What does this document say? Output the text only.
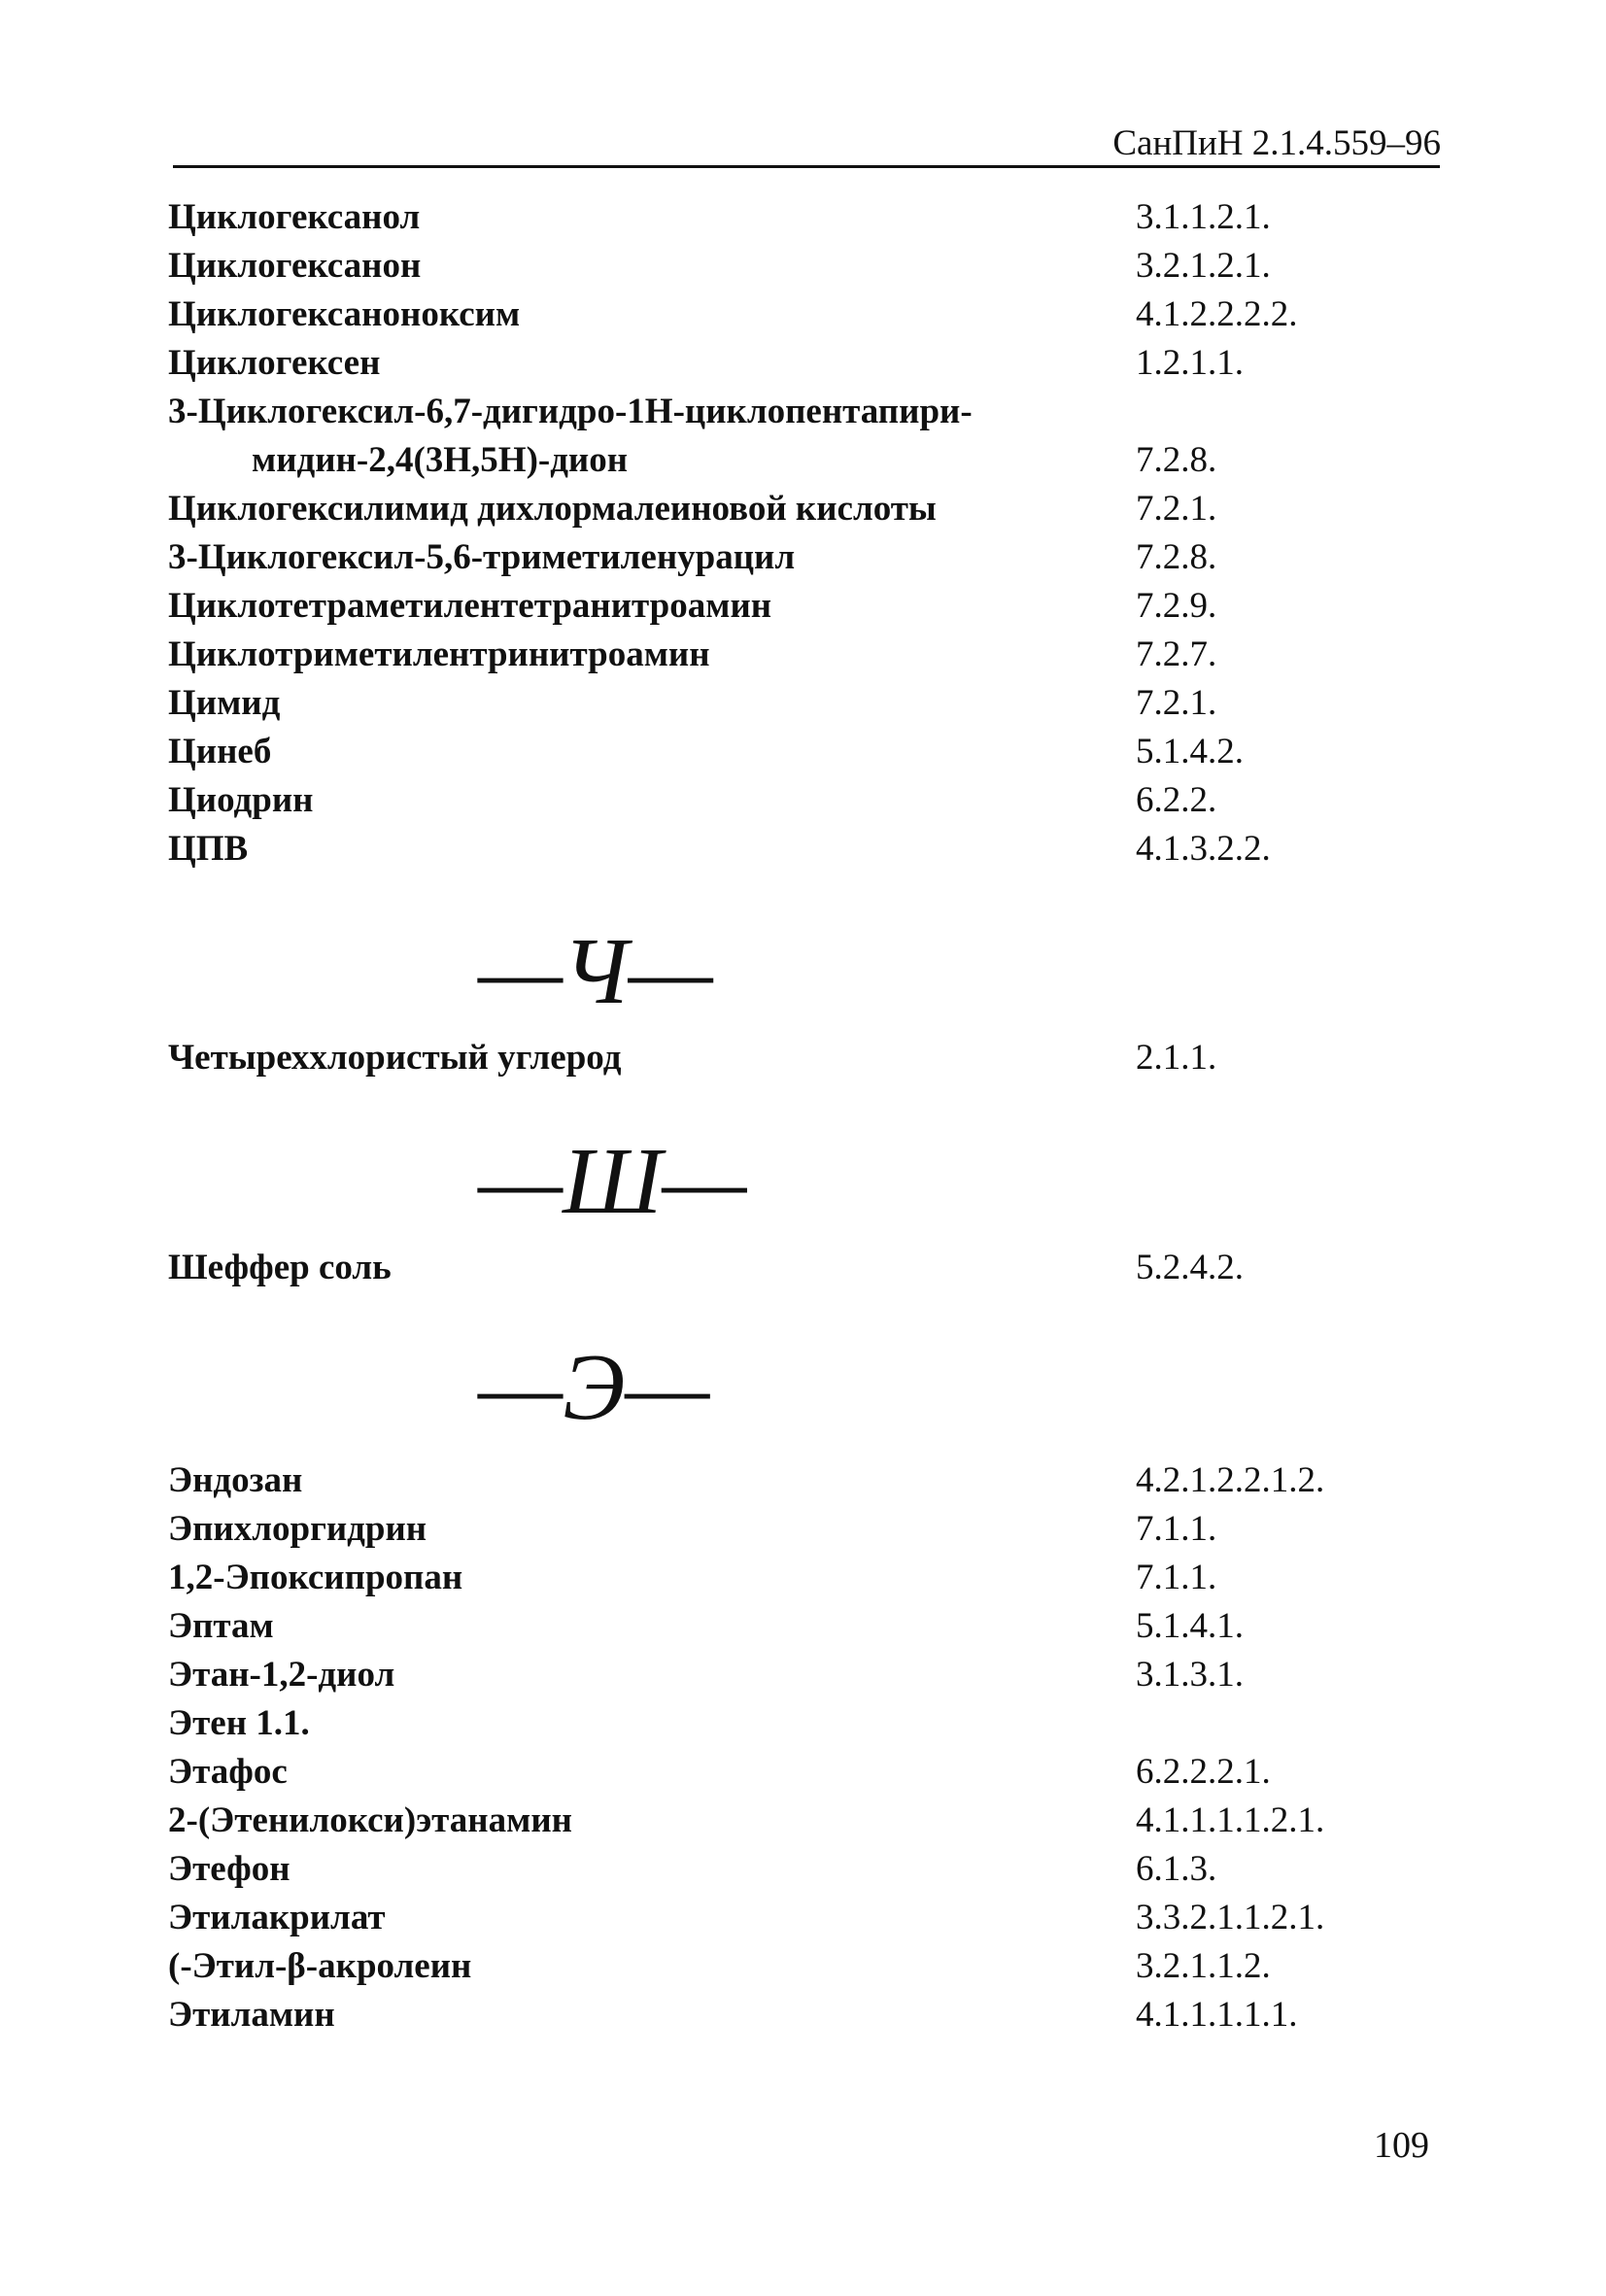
СанПиН 2.1.4.559–96
Циклогексанол	3.1.1.2.1.
Циклогексанон	3.2.1.2.1.
Циклогексаноноксим	4.1.2.2.2.2.
Циклогексен	1.2.1.1.
3-Циклогексил-6,7-дигидро-1Н-циклопентапири-
мидин-2,4(3Н,5Н)-дион	7.2.8.
Циклогексилимид дихлормалеиновой кислоты	7.2.1.
3-Циклогексил-5,6-триметиленурацил	7.2.8.
Циклотетраметилентетранитроамин	7.2.9.
Циклотриметилентринитроамин	7.2.7.
Цимид	7.2.1.
Цинеб	5.1.4.2.
Циодрин	6.2.2.
ЦПВ	4.1.3.2.2.
—Ч—
Четыреххлористый углерод	2.1.1.
—Ш—
Шеффер соль	5.2.4.2.
—Э—
Эндозан	4.2.1.2.2.1.2.
Эпихлоргидрин	7.1.1.
1,2-Эпоксипропан	7.1.1.
Эптам	5.1.4.1.
Этан-1,2-диол	3.1.3.1.
Этен 1.1.
Этафос	6.2.2.2.1.
2-(Этенилокси)этанамин	4.1.1.1.1.2.1.
Этефон	6.1.3.
Этилакрилат	3.3.2.1.1.2.1.
(-Этил-β-акролеин	3.2.1.1.2.
Этиламин	4.1.1.1.1.1.
109
